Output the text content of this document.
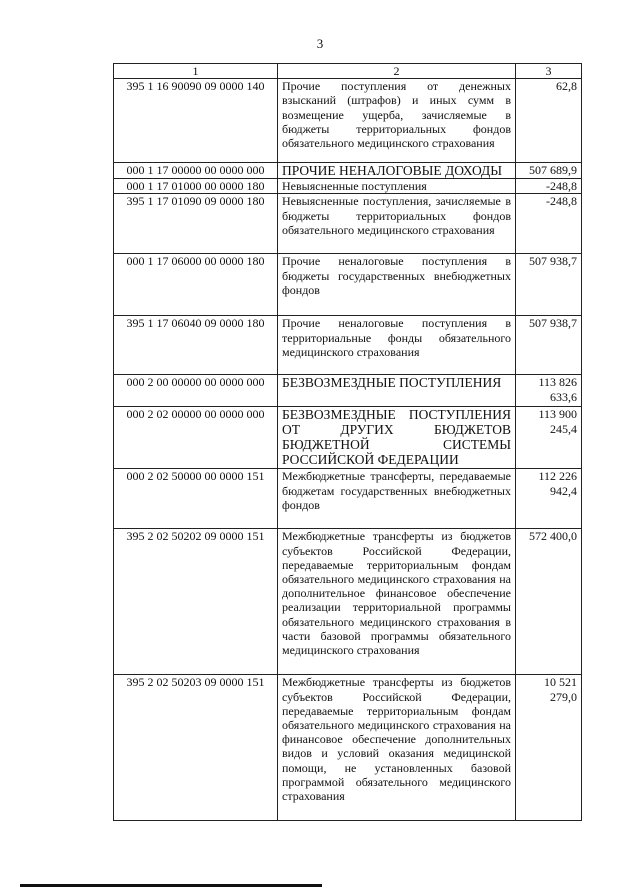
3
1	2	3
395 1 16 90090 09 0000 140	Прочие поступления от денежных взысканий (штрафов) и иных сумм в возмещение ущерба, зачисляемые в бюджеты территориальных фондов обязательного медицинского страхования	62,8
000 1 17 00000 00 0000 000	ПРОЧИЕ НЕНАЛОГОВЫЕ ДОХОДЫ	507 689,9
000 1 17 01000 00 0000 180	Невыясненные поступления	-248,8
395 1 17 01090 09 0000 180	Невыясненные поступления, зачисляемые в бюджеты территориальных фондов обязательного медицинского страхования	-248,8
000 1 17 06000 00 0000 180	Прочие неналоговые поступления в бюджеты государственных внебюджетных фондов	507 938,7
395 1 17 06040 09 0000 180	Прочие неналоговые поступления в территориальные фонды обязательного медицинского страхования	507 938,7
000 2 00 00000 00 0000 000	БЕЗВОЗМЕЗДНЫЕ ПОСТУПЛЕНИЯ	113 826 633,6
000 2 02 00000 00 0000 000	БЕЗВОЗМЕЗДНЫЕ ПОСТУПЛЕНИЯ ОТ ДРУГИХ БЮДЖЕТОВ БЮДЖЕТНОЙ СИСТЕМЫ РОССИЙСКОЙ ФЕДЕРАЦИИ	113 900 245,4
000 2 02 50000 00 0000 151	Межбюджетные трансферты, передаваемые бюджетам государственных внебюджетных фондов	112 226 942,4
395 2 02 50202 09 0000 151	Межбюджетные трансферты из бюджетов субъектов Российской Федерации, передаваемые территориальным фондам обязательного медицинского страхования на дополнительное финансовое обеспечение реализации территориальной программы обязательного медицинского страхования в части базовой программы обязательного медицинского страхования	572 400,0
395 2 02 50203 09 0000 151	Межбюджетные трансферты из бюджетов субъектов Российской Федерации, передаваемые территориальным фондам обязательного медицинского страхования на финансовое обеспечение дополнительных видов и условий оказания медицинской помощи, не установленных базовой программой обязательного медицинского страхования	10 521 279,0
